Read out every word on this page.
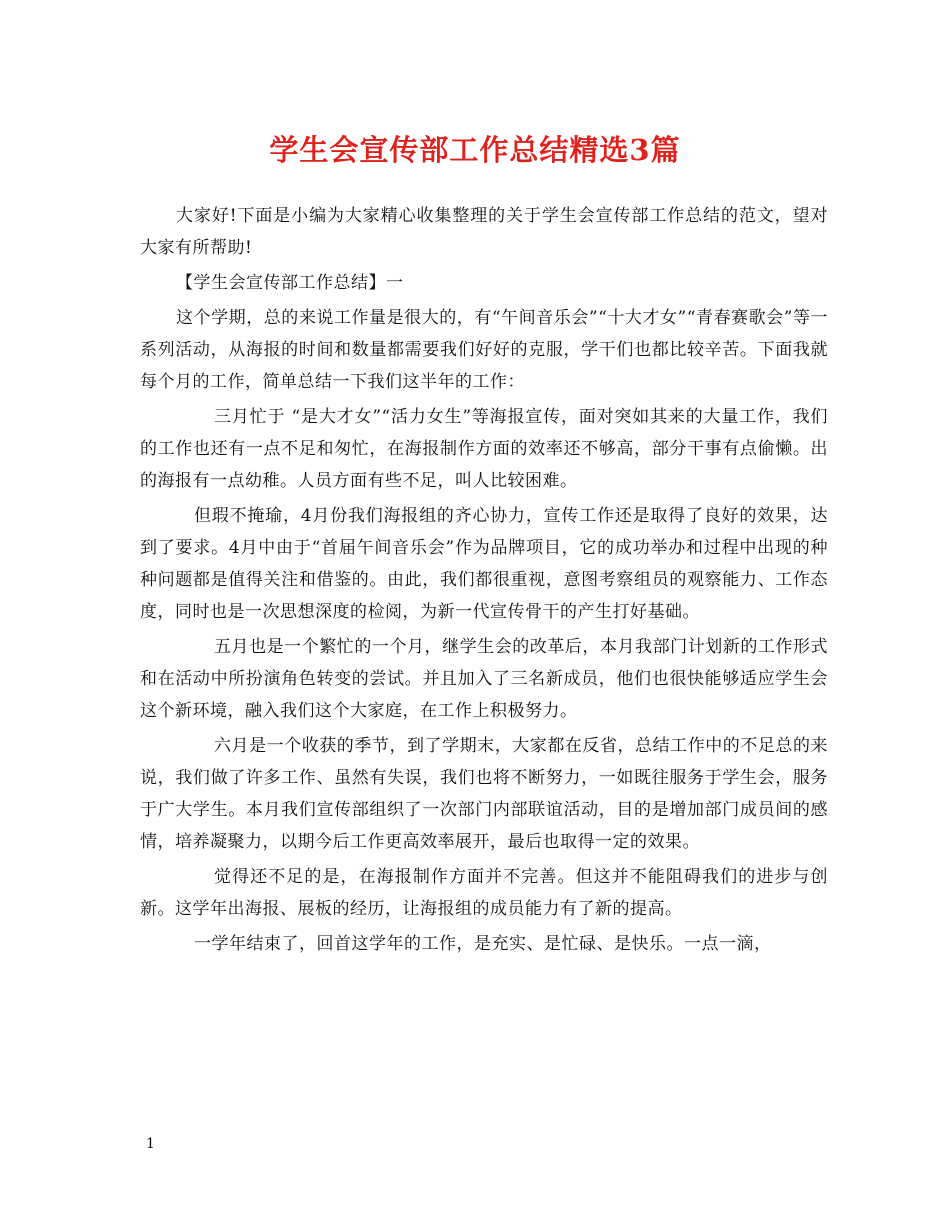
学生会宣传部工作总结精选3篇

大家好!下面是小编为大家精心收集整理的关于学生会宣传部工作总结的范文，望对大家有所帮助!

【学生会宣传部工作总结】一

这个学期，总的来说工作量是很大的，有“午间音乐会”“十大才女”“青春赛歌会”等一系列活动，从海报的时间和数量都需要我们好好的克服，学干们也都比较辛苦。下面我就每个月的工作，简单总结一下我们这半年的工作：

三月忙于 “是大才女”“活力女生”等海报宣传，面对突如其来的大量工作，我们的工作也还有一点不足和匆忙，在海报制作方面的效率还不够高，部分干事有点偷懒。出的海报有一点幼稚。人员方面有些不足，叫人比较困难。

但瑕不掩瑜，4月份我们海报组的齐心协力，宣传工作还是取得了良好的效果，达到了要求。4月中由于“首届午间音乐会”作为品牌项目，它的成功举办和过程中出现的种种问题都是值得关注和借鉴的。由此，我们都很重视，意图考察组员的观察能力、工作态度，同时也是一次思想深度的检阅，为新一代宣传骨干的产生打好基础。

五月也是一个繁忙的一个月，继学生会的改革后，本月我部门计划新的工作形式和在活动中所扮演角色转变的尝试。并且加入了三名新成员，他们也很快能够适应学生会这个新环境，融入我们这个大家庭，在工作上积极努力。

六月是一个收获的季节，到了学期末，大家都在反省，总结工作中的不足总的来说，我们做了许多工作、虽然有失误，我们也将不断努力，一如既往服务于学生会，服务于广大学生。本月我们宣传部组织了一次部门内部联谊活动，目的是增加部门成员间的感情，培养凝聚力，以期今后工作更高效率展开，最后也取得一定的效果。

觉得还不足的是，在海报制作方面并不完善。但这并不能阻碍我们的进步与创新。这学年出海报、展板的经历，让海报组的成员能力有了新的提高。

一学年结束了，回首这学年的工作，是充实、是忙碌、是快乐。一点一滴，

1
